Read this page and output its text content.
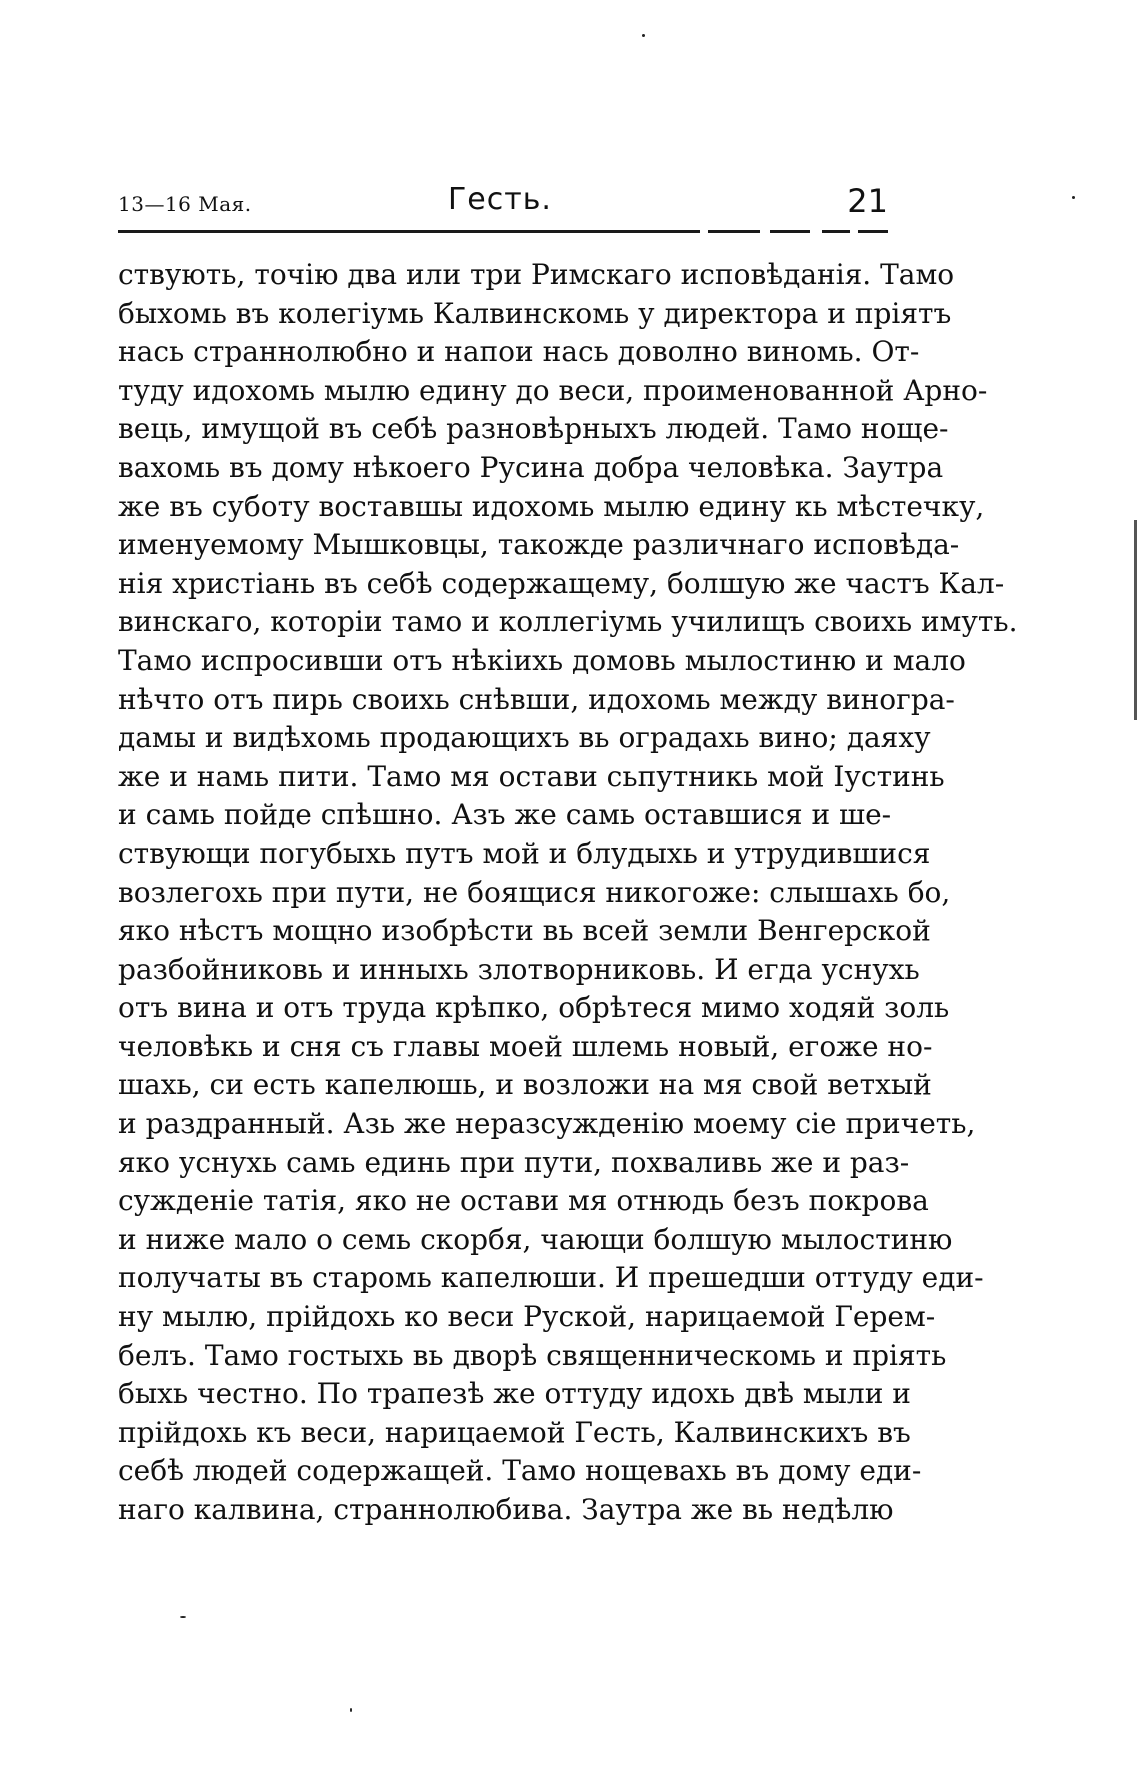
13—16 Мая.	Гесть.	21
ствують, точію два или три Римскаго исповѣданія. Тамо
быхомь въ колегіумь Калвинскомь у директора и пріятъ
нась страннолюбно и напои нась доволно виномь. От-
туду идохомь мылю едину до веси, проименованной Арно-
вець, имущой въ себѣ разновѣрныхъ людей. Тамо нощe-
вахомь въ дому нѣкоего Русина добра человѣка. Заутра
же въ суботу воставшы идохомь мылю едину кь мѣстечку,
именуемому Мышковцы, такожде различнаго исповѣда-
нія христіань въ себѣ содержащему, болшую же частъ Кал-
винскаго, которіи тамо и коллегіумь училищъ своихь имуть.
Тамо испросивши отъ нѣкіихь домовь мылостиню и мало
нѣчто отъ пирь своихь снѣвши, идохомь между виногра-
дамы и видѣхомь продающихъ вь оградахь вино; даяху
же и намь пити. Тамо мя остави сьпутникь мой Іустинь
и самь пойде спѣшно. Азъ же самь оставшися и ше-
ствующи погубыхь путъ мой и блудыхь и утрудившися
возлегохь при пути, не боящися никогоже: слышахь бо,
яко нѣстъ мощно изобрѣсти вь всей земли Венгерской
разбойниковь и инныхь злотворниковь. И егда уснухь
отъ вина и отъ труда крѣпко, обрѣтеся мимо ходяй золь
человѣкь и сня съ главы моей шлемь новый, егоже но-
шахь, си есть капелюшь, и возложи на мя свой ветхый
и раздранный. Азь же неразсужденію моему сіе причеть,
яко уснухь самь единь при пути, похваливь же и раз-
сужденіе татія, яко не остави мя отнюдь безъ покрова
и ниже мало о семь скорбя, чающи болшую мылостиню
получаты въ старомь капелюши. И прешедши оттуду еди-
ну мылю, прійдохь ко веси Руской, нарицаемой Герем-
белъ. Тамо гостыхь вь дворѣ священническомь и пріять
быхь честно. По трапезѣ же оттуду идохь двѣ мыли и
прійдохь къ веси, нарицаемой Гесть, Калвинскихъ въ
себѣ людей содержащей. Тамо нощевахь въ дому еди-
наго калвина, страннолюбива. Заутра же вь недѣлю
